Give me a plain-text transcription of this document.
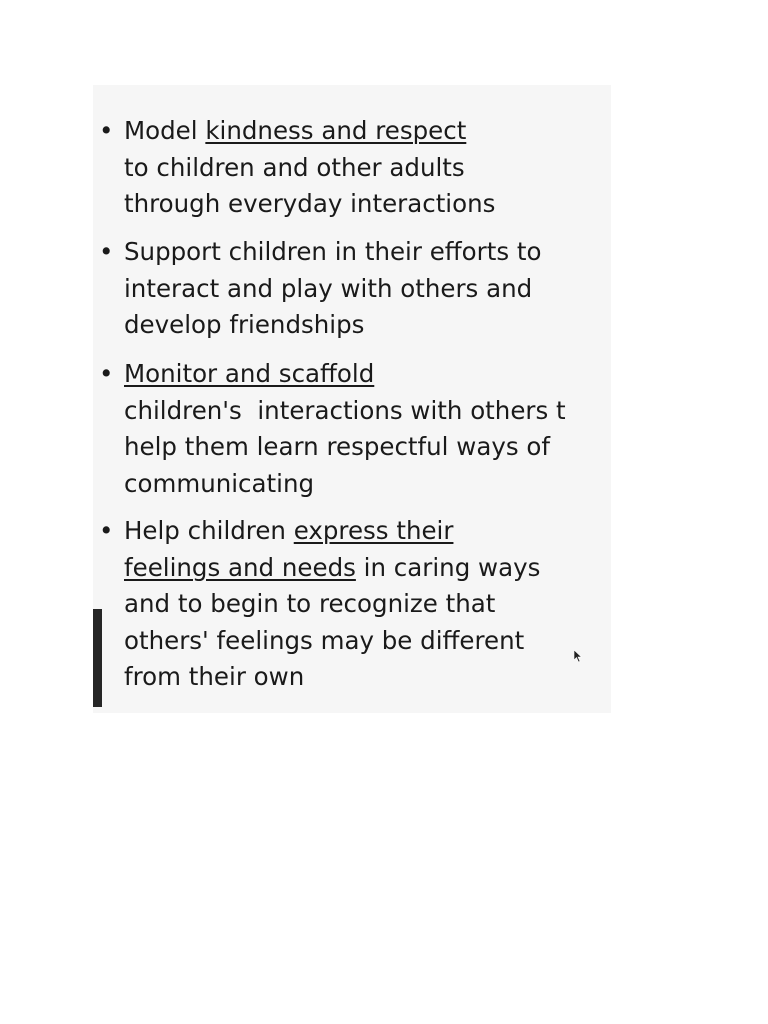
• Model kindness and respect
to children and other adults
through everyday interactions
• Support children in their efforts to
interact and play with others and
develop friendships
• Monitor and scaffold
children's  interactions with others t
help them learn respectful ways of
communicating
• Help children express their
feelings and needs in caring ways
and to begin to recognize that
others' feelings may be different
from their own
